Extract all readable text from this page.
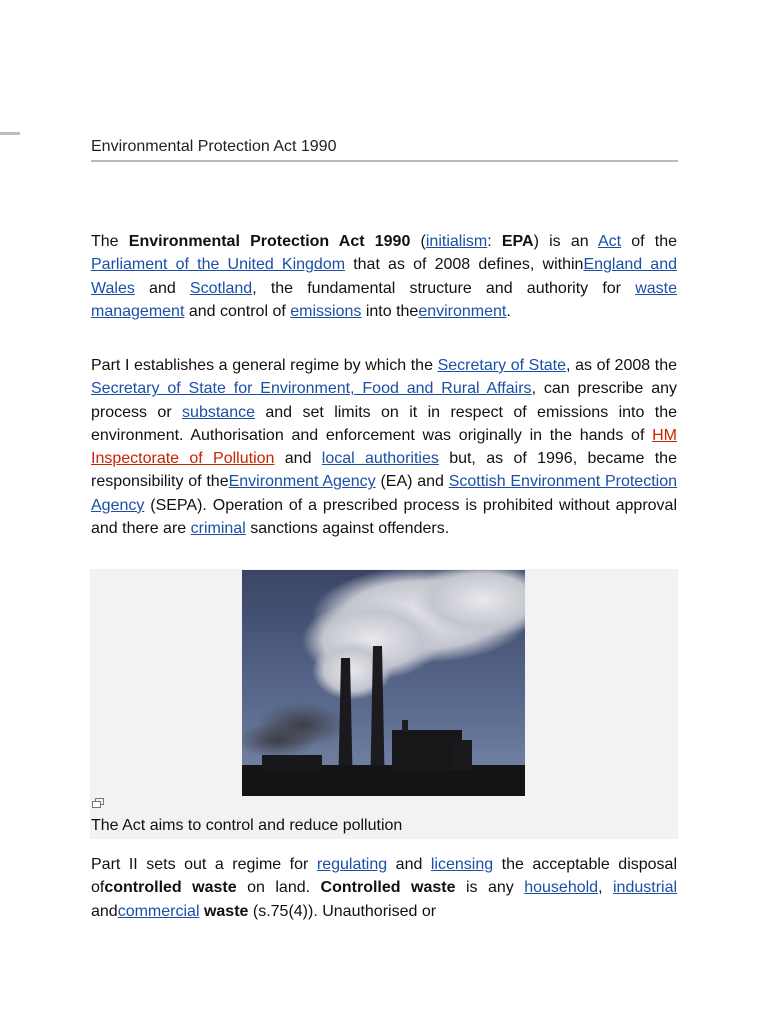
Environmental Protection Act 1990

The Environmental Protection Act 1990 (initialism: EPA) is an Act of the Parliament of the United Kingdom that as of 2008 defines, withinEngland and Wales and Scotland, the fundamental structure and authority for waste management and control of emissions into theenvironment.

Part I establishes a general regime by which the Secretary of State, as of 2008 the Secretary of State for Environment, Food and Rural Affairs, can prescribe any process or substance and set limits on it in respect of emissions into the environment. Authorisation and enforcement was originally in the hands of HM Inspectorate of Pollution and local authorities but, as of 1996, became the responsibility of theEnvironment Agency (EA) and Scottish Environment Protection Agency (SEPA). Operation of a prescribed process is prohibited without approval and there are criminal sanctions against offenders.

The Act aims to control and reduce pollution

Part II sets out a regime for regulating and licensing the acceptable disposal ofcontrolled waste on land. Controlled waste is any household, industrial andcommercial waste (s.75(4)). Unauthorised or
